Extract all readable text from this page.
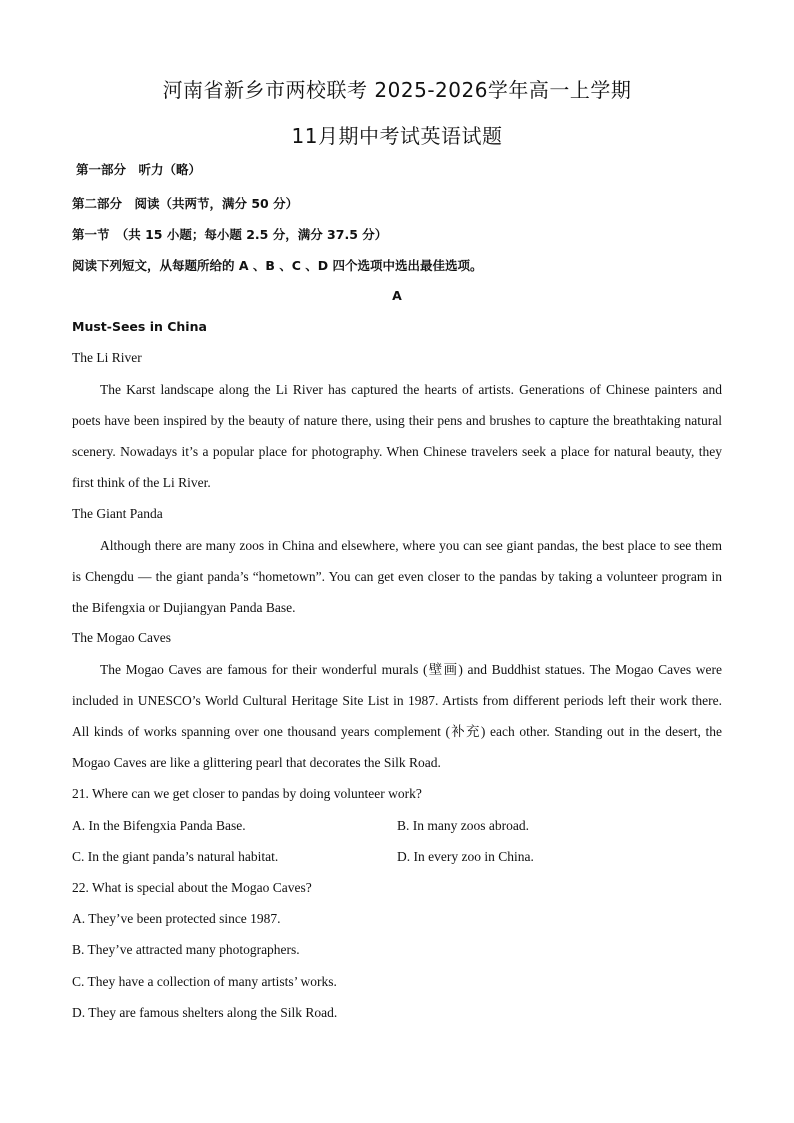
河南省新乡市两校联考 2025-2026学年高一上学期
11月期中考试英语试题

第一部分　听力（略）

第二部分　阅读（共两节，满分 50 分）

第一节　（共 15 小题；每小题 2.5 分，满分 37.5 分）

阅读下列短文，从每题所给的 A 、B 、C 、D 四个选项中选出最佳选项。

A

Must-Sees in China

The Li River

The Karst landscape along the Li River has captured the hearts of artists. Generations of Chinese painters and poets have been inspired by the beauty of nature there, using their pens and brushes to capture the breathtaking natural scenery. Nowadays it’s a popular place for photography. When Chinese travelers seek a place for natural beauty, they first think of the Li River.

The Giant Panda

Although there are many zoos in China and elsewhere, where you can see giant pandas, the best place to see them is Chengdu — the giant panda’s “hometown”. You can get even closer to the pandas by taking a volunteer program in the Bifengxia or Dujiangyan Panda Base.

The Mogao Caves

The Mogao Caves are famous for their wonderful murals (壁画) and Buddhist statues. The Mogao Caves were included in UNESCO’s World Cultural Heritage Site List in 1987. Artists from different periods left their work there. All kinds of works spanning over one thousand years complement (补充) each other. Standing out in the desert, the Mogao Caves are like a glittering pearl that decorates the Silk Road.

21. Where can we get closer to pandas by doing volunteer work?

A. In the Bifengxia Panda Base.	B. In many zoos abroad.

C. In the giant panda’s natural habitat.	D. In every zoo in China.

22. What is special about the Mogao Caves?

A. They’ve been protected since 1987.

B. They’ve attracted many photographers.

C. They have a collection of many artists’ works.

D. They are famous shelters along the Silk Road.
